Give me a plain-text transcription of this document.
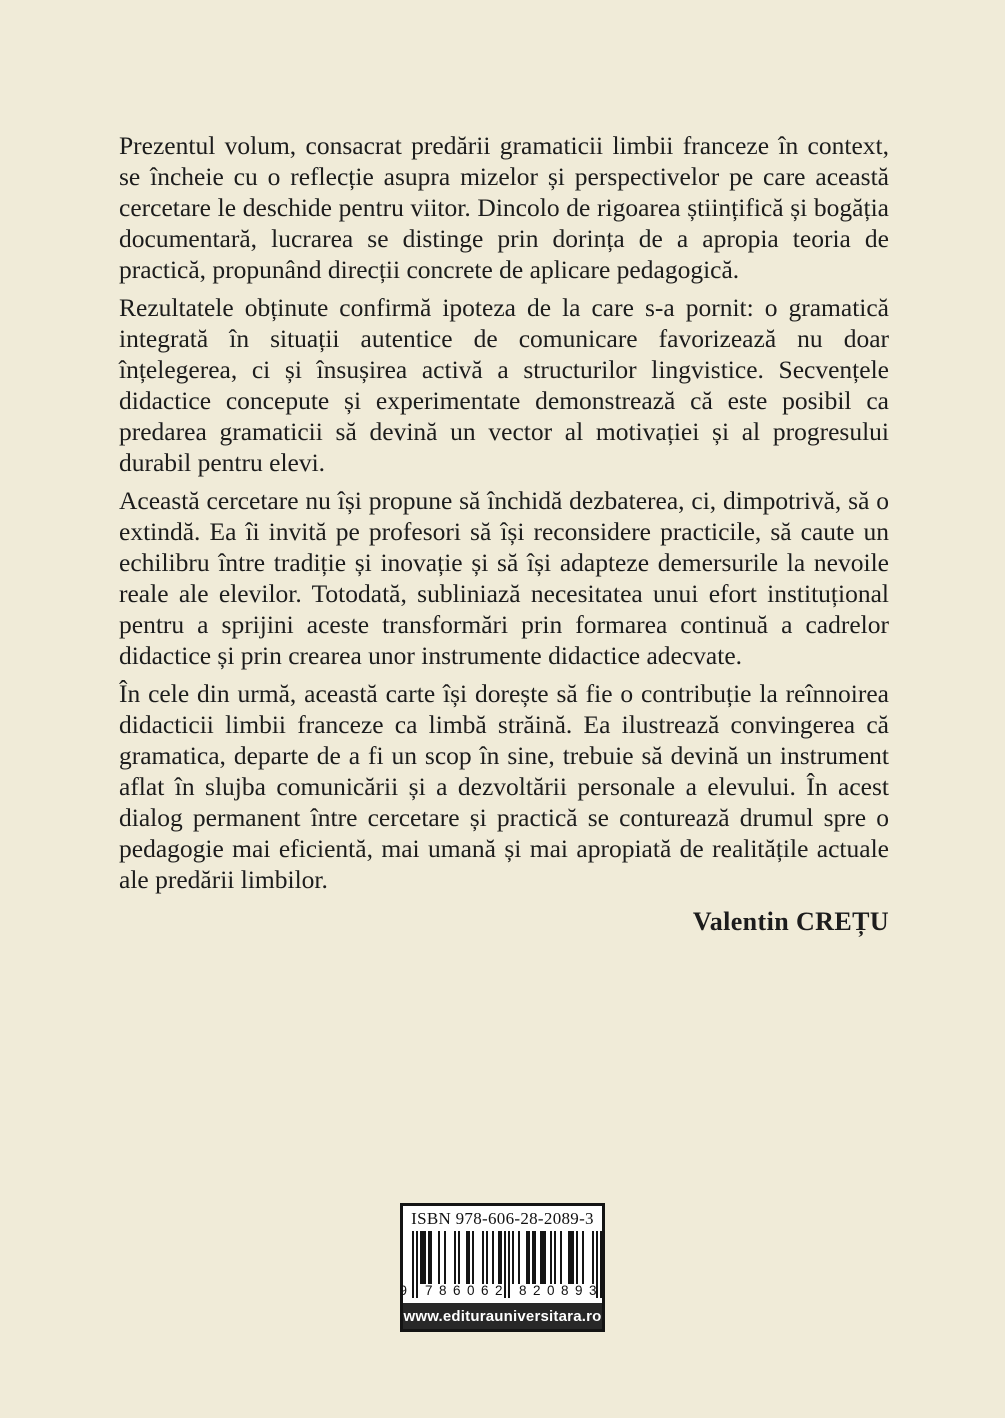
Prezentul volum, consacrat predării gramaticii limbii franceze în context, se încheie cu o reflecție asupra mizelor și perspectivelor pe care această cercetare le deschide pentru viitor. Dincolo de rigoarea științifică și bogăția documentară, lucrarea se distinge prin dorința de a apropia teoria de practică, propunând direcții concrete de aplicare pedagogică.

Rezultatele obținute confirmă ipoteza de la care s-a pornit: o gramatică integrată în situații autentice de comunicare favorizează nu doar înțelegerea, ci și însușirea activă a structurilor lingvistice. Secvențele didactice concepute și experimentate demonstrează că este posibil ca predarea gramaticii să devină un vector al motivației și al progresului durabil pentru elevi.

Această cercetare nu își propune să închidă dezbaterea, ci, dimpotrivă, să o extindă. Ea îi invită pe profesori să își reconsidere practicile, să caute un echilibru între tradiție și inovație și să își adapteze demersurile la nevoile reale ale elevilor. Totodată, subliniază necesitatea unui efort instituțional pentru a sprijini aceste transformări prin formarea continuă a cadrelor didactice și prin crearea unor instrumente didactice adecvate.

În cele din urmă, această carte își dorește să fie o contribuție la reînnoirea didacticii limbii franceze ca limbă străină. Ea ilustrează convingerea că gramatica, departe de a fi un scop în sine, trebuie să devină un instrument aflat în slujba comunicării și a dezvoltării personale a elevului. În acest dialog permanent între cercetare și practică se conturează drumul spre o pedagogie mai eficientă, mai umană și mai apropiată de realitățile actuale ale predării limbilor.

Valentin CREȚU
ISBN 978-606-28-2089-3
9	786062 820893
www.editurauniversitara.ro
